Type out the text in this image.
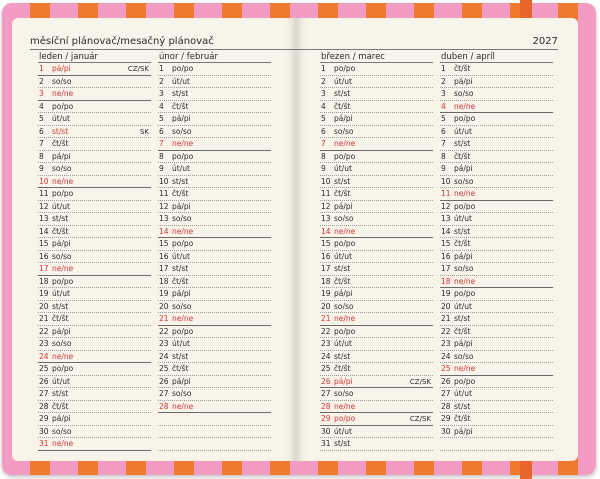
měsíční plánovač/mesačný plánovač
leden / január
1 pá/pi	CZ/SK
2 so/so
3 ne/ne
4 po/po
5 út/ut
6 st/st	SK
7 čt/št
8 pá/pi
9 so/so
10 ne/ne
11 po/po
12 út/ut
13 st/st
14 čt/št
15 pá/pi
16 so/so
17 ne/ne
18 po/po
19 út/ut
20 st/st
21 čt/št
22 pá/pi
23 so/so
24 ne/ne
25 po/po
26 út/ut
27 st/st
28 čt/št
29 pá/pi
30 so/so
31 ne/ne
únor / február
1 po/po
2 út/ut
3 st/st
4 čt/št
5 pá/pi
6 so/so
7 ne/ne
8 po/po
9 út/ut
10 st/st
11 čt/št
12 pá/pi
13 so/so
14 ne/ne
15 po/po
16 út/ut
17 st/st
18 čt/št
19 pá/pi
20 so/so
21 ne/ne
22 po/po
23 út/ut
24 st/st
25 čt/št
26 pá/pi
27 so/so
28 ne/ne
2027
březen / marec
1 po/po
2 út/ut
3 st/st
4 čt/št
5 pá/pi
6 so/so
7 ne/ne
8 po/po
9 út/ut
10 st/st
11 čt/št
12 pá/pi
13 so/so
14 ne/ne
15 po/po
16 út/ut
17 st/st
18 čt/št
19 pá/pi
20 so/so
21 ne/ne
22 po/po
23 út/ut
24 st/st
25 čt/št
26 pá/pi	CZ/SK
27 so/so
28 ne/ne
29 po/po	CZ/SK
30 út/ut
31 st/st
duben / apríl
1 čt/št
2 pá/pi
3 so/so
4 ne/ne
5 po/po
6 út/ut
7 st/st
8 čt/št
9 pá/pi
10 so/so
11 ne/ne
12 po/po
13 út/ut
14 st/st
15 čt/št
16 pá/pi
17 so/so
18 ne/ne
19 po/po
20 út/ut
21 st/st
22 čt/št
23 pá/pi
24 so/so
25 ne/ne
26 po/po
27 út/ut
28 st/st
29 čt/št
30 pá/pi
